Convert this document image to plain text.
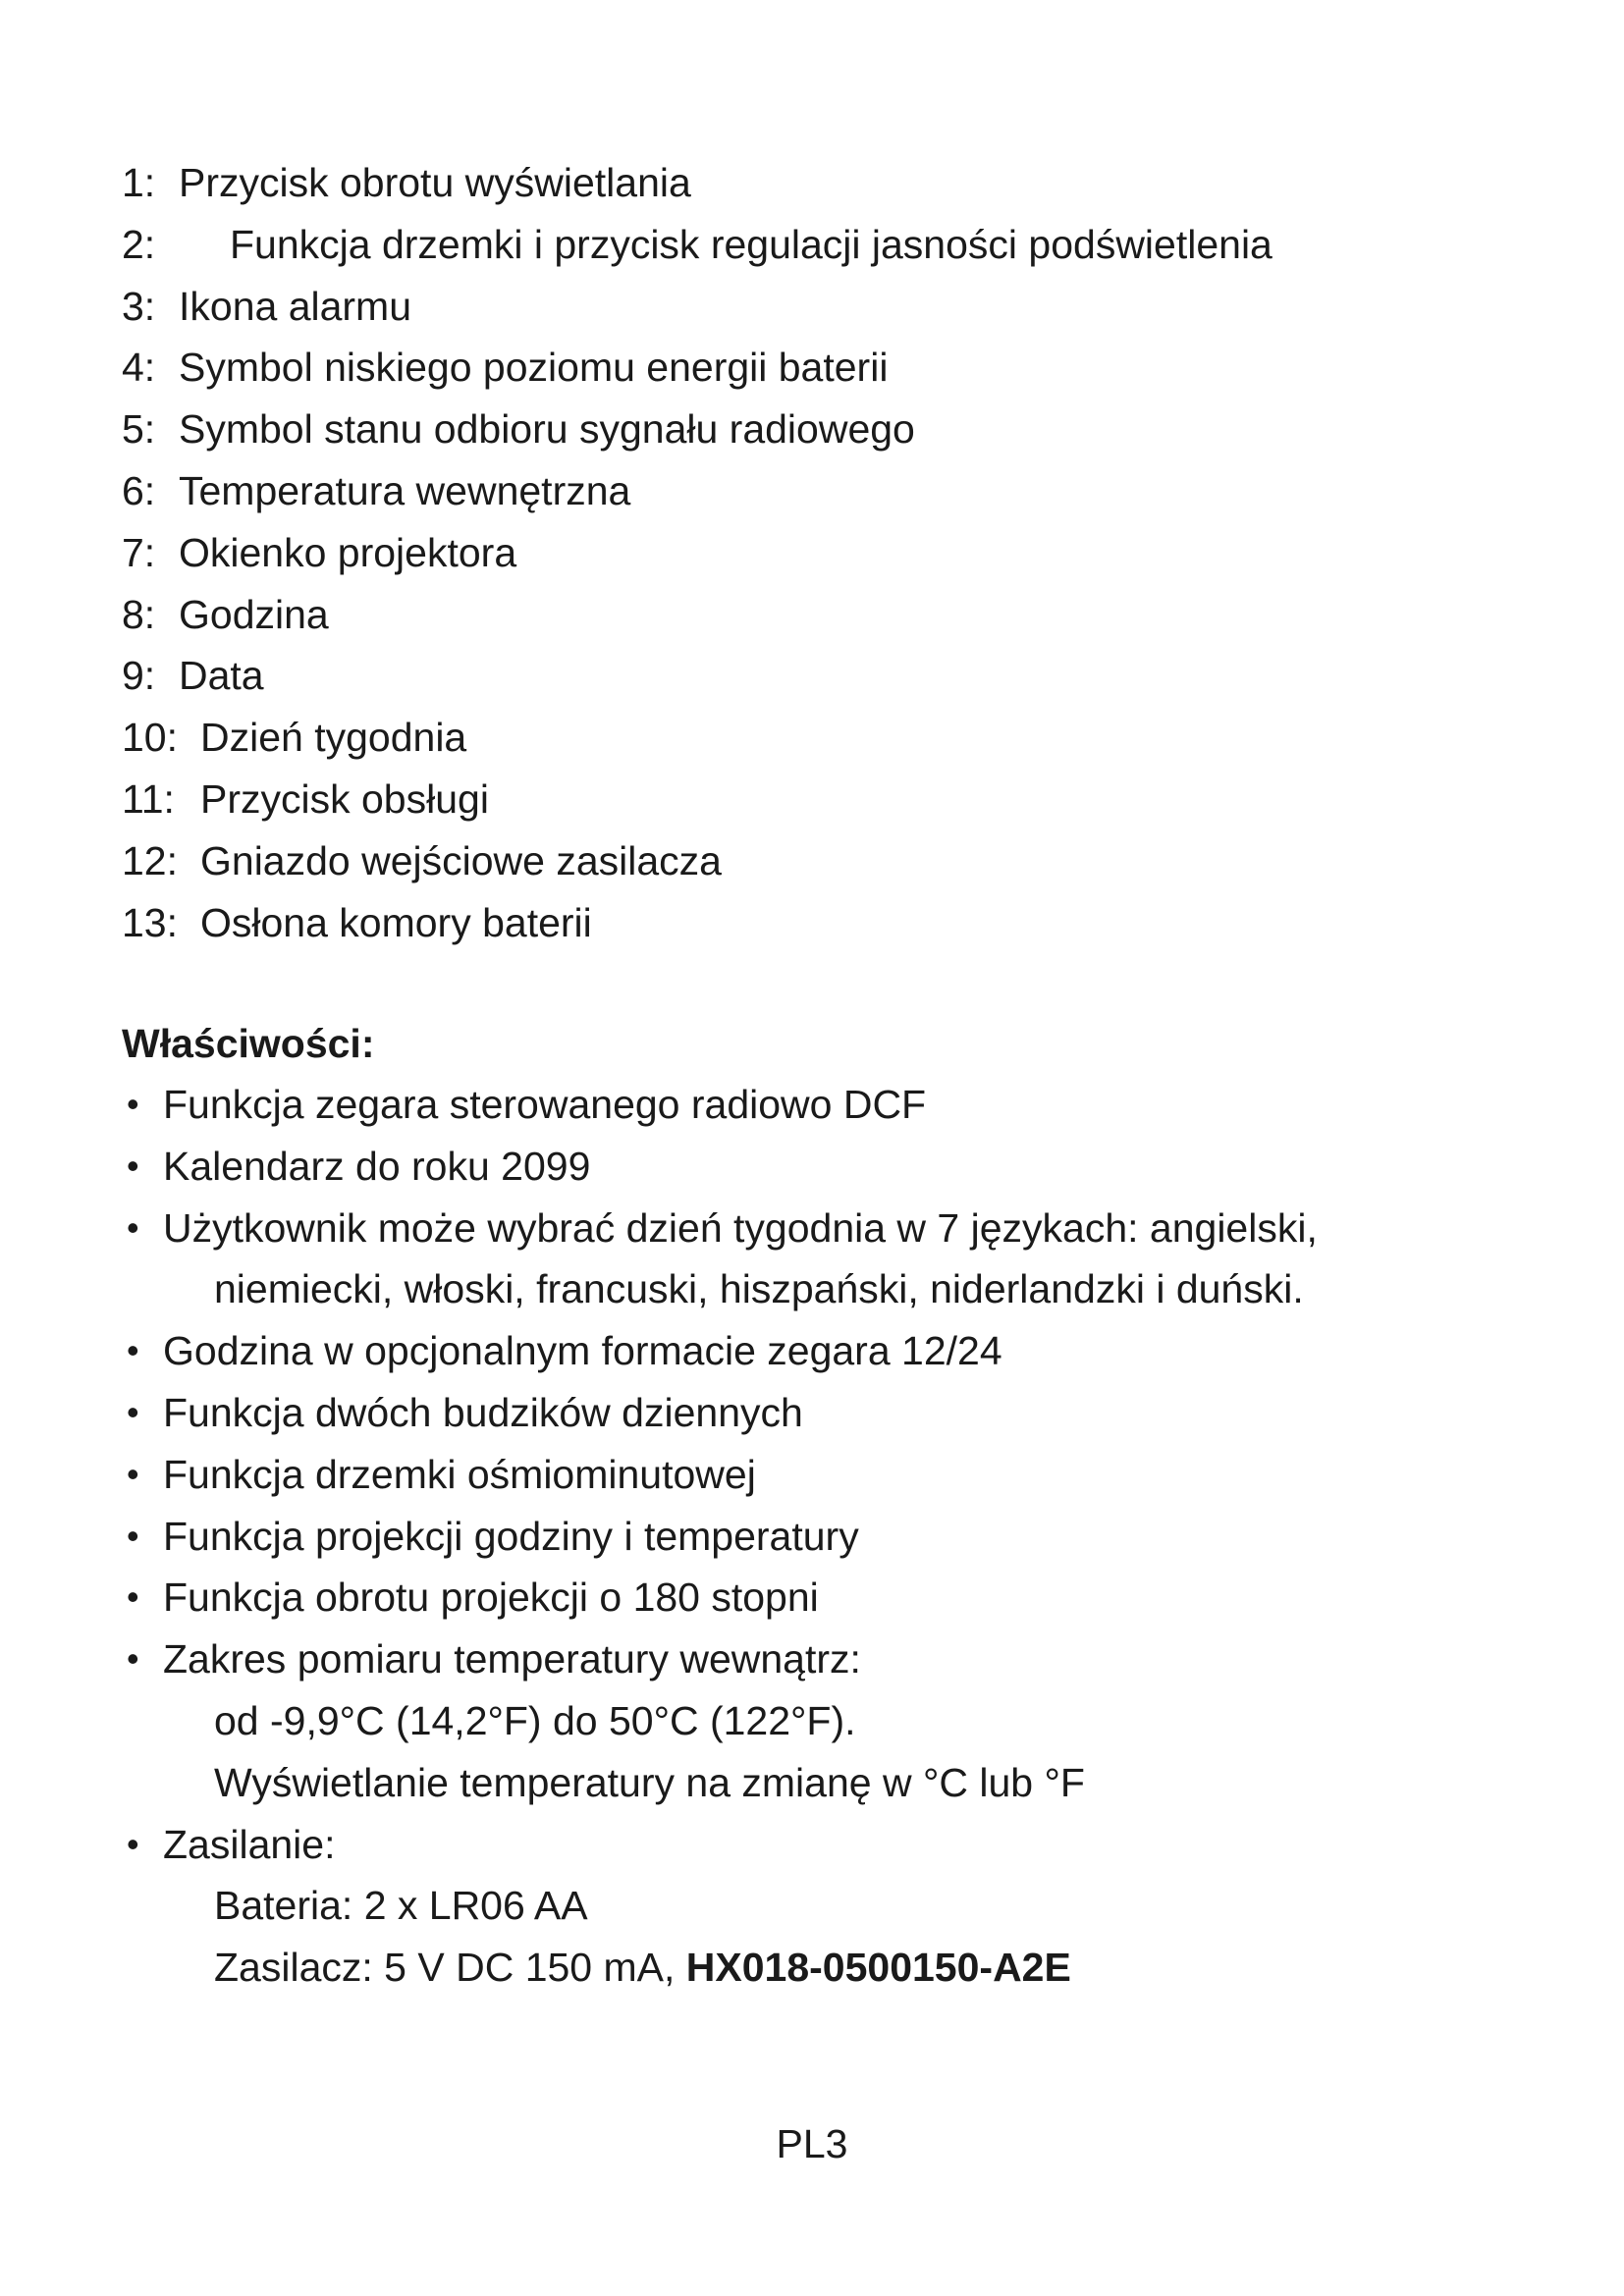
1: Przycisk obrotu wyświetlania
2: Funkcja drzemki i przycisk regulacji jasności podświetlenia
3: Ikona alarmu
4: Symbol niskiego poziomu energii baterii
5: Symbol stanu odbioru sygnału radiowego
6: Temperatura wewnętrzna
7: Okienko projektora
8: Godzina
9: Data
10: Dzień tygodnia
11: Przycisk obsługi
12: Gniazdo wejściowe zasilacza
13: Osłona komory baterii
Właściwości:
• Funkcja zegara sterowanego radiowo DCF
• Kalendarz do roku 2099
• Użytkownik może wybrać dzień tygodnia w 7 językach: angielski,
niemiecki, włoski, francuski, hiszpański, niderlandzki i duński.
• Godzina w opcjonalnym formacie zegara 12/24
• Funkcja dwóch budzików dziennych
• Funkcja drzemki ośmiominutowej
• Funkcja projekcji godziny i temperatury
• Funkcja obrotu projekcji o 180 stopni
• Zakres pomiaru temperatury wewnątrz:
od -9,9°C (14,2°F) do 50°C (122°F).
Wyświetlanie temperatury na zmianę w °C lub °F
• Zasilanie:
Bateria: 2 x LR06 AA
Zasilacz: 5 V DC 150 mA, HX018-0500150-A2E
PL3
